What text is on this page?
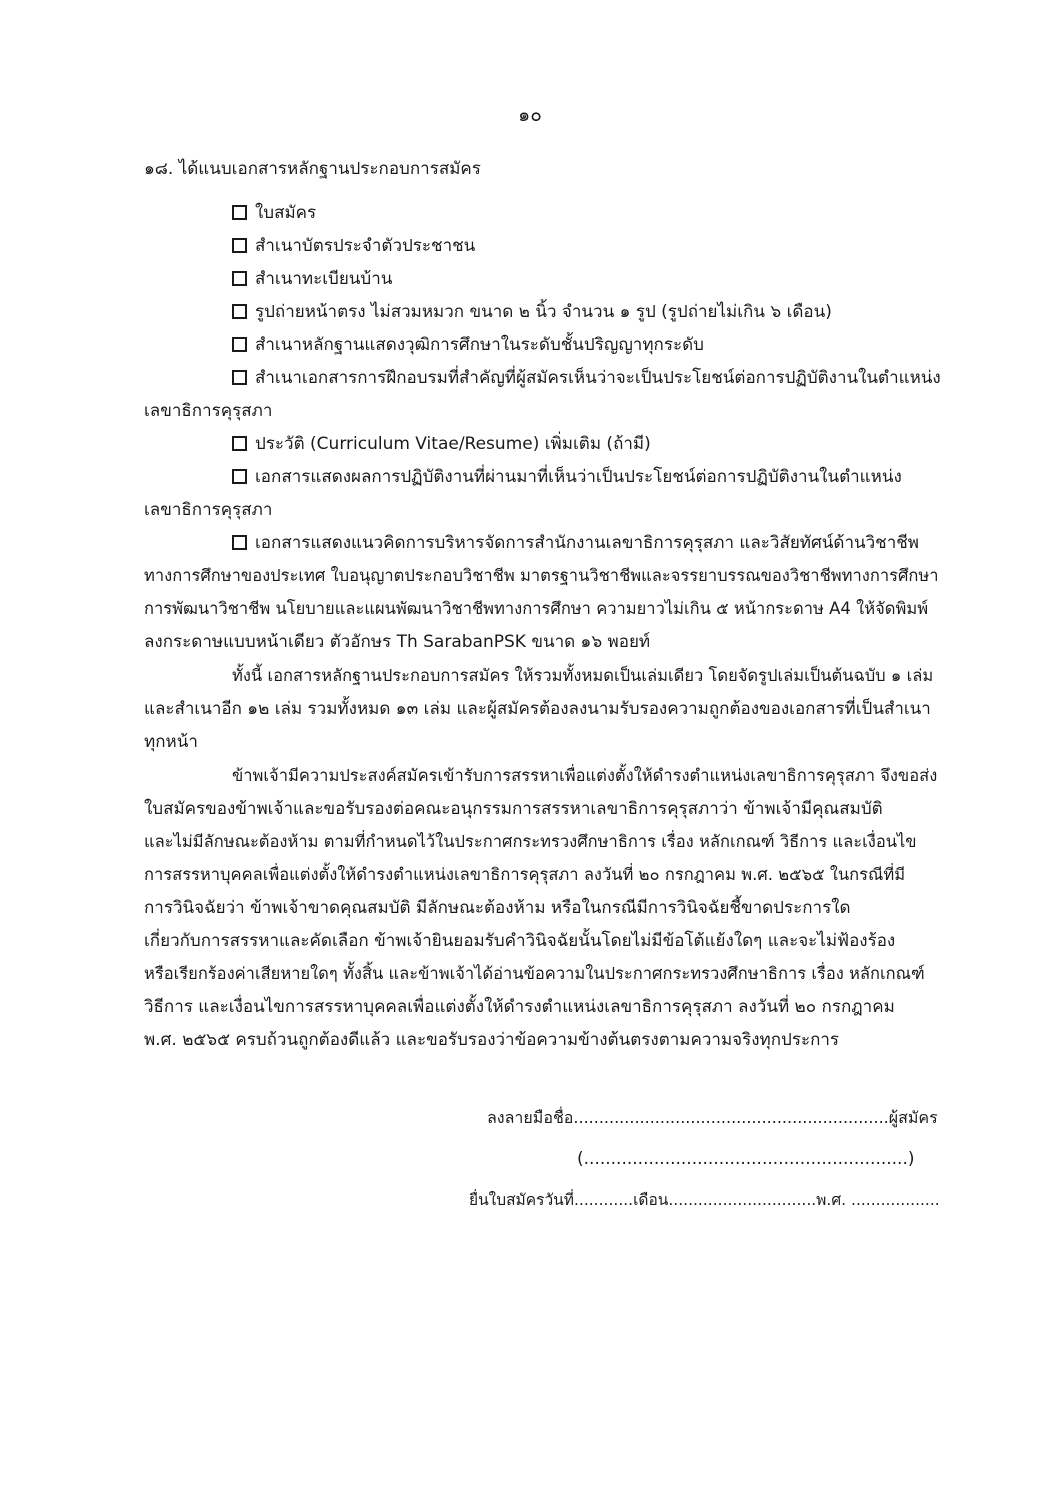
๑๐
๑๘. ได้แนบเอกสารหลักฐานประกอบการสมัคร
ใบสมัคร
สำเนาบัตรประจำตัวประชาชน
สำเนาทะเบียนบ้าน
รูปถ่ายหน้าตรง ไม่สวมหมวก ขนาด ๒ นิ้ว จำนวน ๑ รูป (รูปถ่ายไม่เกิน ๖ เดือน)
สำเนาหลักฐานแสดงวุฒิการศึกษาในระดับชั้นปริญญาทุกระดับ
สำเนาเอกสารการฝึกอบรมที่สำคัญที่ผู้สมัครเห็นว่าจะเป็นประโยชน์ต่อการปฏิบัติงานในตำแหน่ง
เลขาธิการคุรุสภา
ประวัติ (Curriculum Vitae/Resume) เพิ่มเติม (ถ้ามี)
เอกสารแสดงผลการปฏิบัติงานที่ผ่านมาที่เห็นว่าเป็นประโยชน์ต่อการปฏิบัติงานในตำแหน่ง
เลขาธิการคุรุสภา
เอกสารแสดงแนวคิดการบริหารจัดการสำนักงานเลขาธิการคุรุสภา และวิสัยทัศน์ด้านวิชาชีพ
ทางการศึกษาของประเทศ ใบอนุญาตประกอบวิชาชีพ มาตรฐานวิชาชีพและจรรยาบรรณของวิชาชีพทางการศึกษา
การพัฒนาวิชาชีพ นโยบายและแผนพัฒนาวิชาชีพทางการศึกษา ความยาวไม่เกิน ๕ หน้ากระดาษ A4 ให้จัดพิมพ์
ลงกระดาษแบบหน้าเดียว ตัวอักษร Th SarabanPSK ขนาด ๑๖ พอยท์
ทั้งนี้ เอกสารหลักฐานประกอบการสมัคร ให้รวมทั้งหมดเป็นเล่มเดียว โดยจัดรูปเล่มเป็นต้นฉบับ ๑ เล่ม
และสำเนาอีก ๑๒ เล่ม รวมทั้งหมด ๑๓ เล่ม และผู้สมัครต้องลงนามรับรองความถูกต้องของเอกสารที่เป็นสำเนา
ทุกหน้า
ข้าพเจ้ามีความประสงค์สมัครเข้ารับการสรรหาเพื่อแต่งตั้งให้ดำรงตำแหน่งเลขาธิการคุรุสภา จึงขอส่ง
ใบสมัครของข้าพเจ้าและขอรับรองต่อคณะอนุกรรมการสรรหาเลขาธิการคุรุสภาว่า ข้าพเจ้ามีคุณสมบัติ
และไม่มีลักษณะต้องห้าม ตามที่กำหนดไว้ในประกาศกระทรวงศึกษาธิการ เรื่อง หลักเกณฑ์ วิธีการ และเงื่อนไข
การสรรหาบุคคลเพื่อแต่งตั้งให้ดำรงตำแหน่งเลขาธิการคุรุสภา ลงวันที่ ๒๐ กรกฎาคม พ.ศ. ๒๕๖๕ ในกรณีที่มี
การวินิจฉัยว่า ข้าพเจ้าขาดคุณสมบัติ มีลักษณะต้องห้าม หรือในกรณีมีการวินิจฉัยชี้ขาดประการใด
เกี่ยวกับการสรรหาและคัดเลือก ข้าพเจ้ายินยอมรับคำวินิจฉัยนั้นโดยไม่มีข้อโต้แย้งใดๆ และจะไม่ฟ้องร้อง
หรือเรียกร้องค่าเสียหายใดๆ ทั้งสิ้น และข้าพเจ้าได้อ่านข้อความในประกาศกระทรวงศึกษาธิการ เรื่อง หลักเกณฑ์
วิธีการ และเงื่อนไขการสรรหาบุคคลเพื่อแต่งตั้งให้ดำรงตำแหน่งเลขาธิการคุรุสภา ลงวันที่ ๒๐ กรกฎาคม
พ.ศ. ๒๕๖๕ ครบถ้วนถูกต้องดีแล้ว และขอรับรองว่าข้อความข้างต้นตรงตามความจริงทุกประการ
ลงลายมือชื่อ..............................................................ผู้สมัคร
(............................................................)
ยื่นใบสมัครวันที่............เดือน..............................พ.ศ. ..................
